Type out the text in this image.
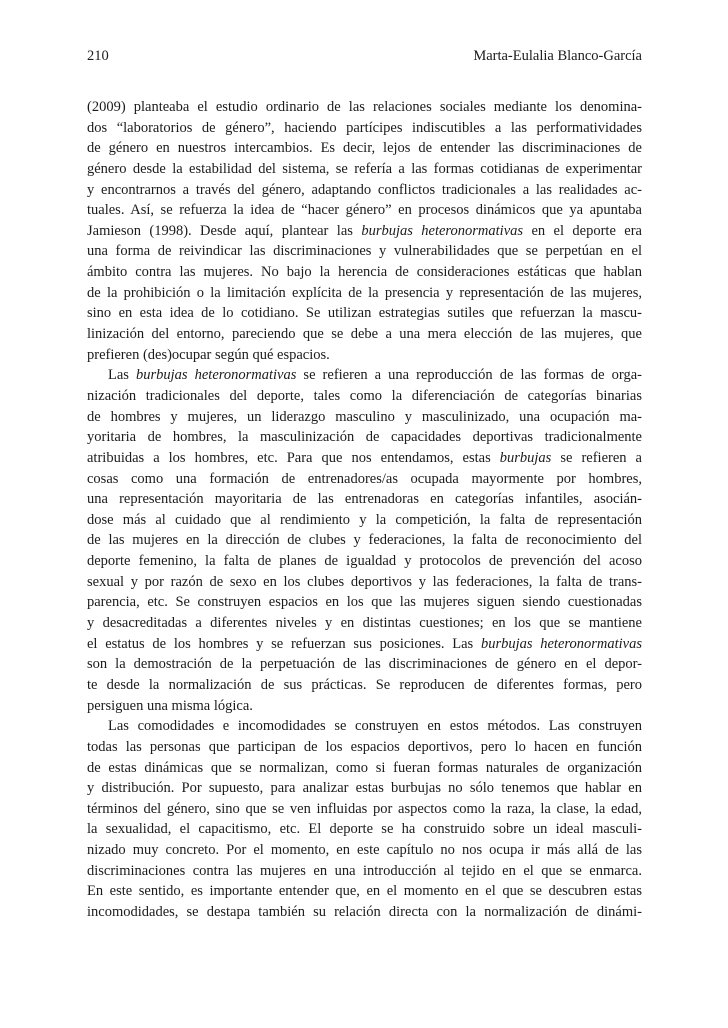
210	Marta-Eulalia Blanco-García
(2009) planteaba el estudio ordinario de las relaciones sociales mediante los denomina-
dos “laboratorios de género”, haciendo partícipes indiscutibles a las performatividades
de género en nuestros intercambios. Es decir, lejos de entender las discriminaciones de
género desde la estabilidad del sistema, se refería a las formas cotidianas de experimentar
y encontrarnos a través del género, adaptando conflictos tradicionales a las realidades ac-
tuales. Así, se refuerza la idea de “hacer género” en procesos dinámicos que ya apuntaba
Jamieson (1998). Desde aquí, plantear las burbujas heteronormativas en el deporte era
una forma de reivindicar las discriminaciones y vulnerabilidades que se perpetúan en el
ámbito contra las mujeres. No bajo la herencia de consideraciones estáticas que hablan
de la prohibición o la limitación explícita de la presencia y representación de las mujeres,
sino en esta idea de lo cotidiano. Se utilizan estrategias sutiles que refuerzan la mascu-
linización del entorno, pareciendo que se debe a una mera elección de las mujeres, que
prefieren (des)ocupar según qué espacios.
Las burbujas heteronormativas se refieren a una reproducción de las formas de orga-
nización tradicionales del deporte, tales como la diferenciación de categorías binarias
de hombres y mujeres, un liderazgo masculino y masculinizado, una ocupación ma-
yoritaria de hombres, la masculinización de capacidades deportivas tradicionalmente
atribuidas a los hombres, etc. Para que nos entendamos, estas burbujas se refieren a
cosas como una formación de entrenadores/as ocupada mayormente por hombres,
una representación mayoritaria de las entrenadoras en categorías infantiles, asocián-
dose más al cuidado que al rendimiento y la competición, la falta de representación
de las mujeres en la dirección de clubes y federaciones, la falta de reconocimiento del
deporte femenino, la falta de planes de igualdad y protocolos de prevención del acoso
sexual y por razón de sexo en los clubes deportivos y las federaciones, la falta de trans-
parencia, etc. Se construyen espacios en los que las mujeres siguen siendo cuestionadas
y desacreditadas a diferentes niveles y en distintas cuestiones; en los que se mantiene
el estatus de los hombres y se refuerzan sus posiciones. Las burbujas heteronormativas
son la demostración de la perpetuación de las discriminaciones de género en el depor-
te desde la normalización de sus prácticas. Se reproducen de diferentes formas, pero
persiguen una misma lógica.
Las comodidades e incomodidades se construyen en estos métodos. Las construyen
todas las personas que participan de los espacios deportivos, pero lo hacen en función
de estas dinámicas que se normalizan, como si fueran formas naturales de organización
y distribución. Por supuesto, para analizar estas burbujas no sólo tenemos que hablar en
términos del género, sino que se ven influidas por aspectos como la raza, la clase, la edad,
la sexualidad, el capacitismo, etc. El deporte se ha construido sobre un ideal masculi-
nizado muy concreto. Por el momento, en este capítulo no nos ocupa ir más allá de las
discriminaciones contra las mujeres en una introducción al tejido en el que se enmarca.
En este sentido, es importante entender que, en el momento en el que se descubren estas
incomodidades, se destapa también su relación directa con la normalización de dinámi-
